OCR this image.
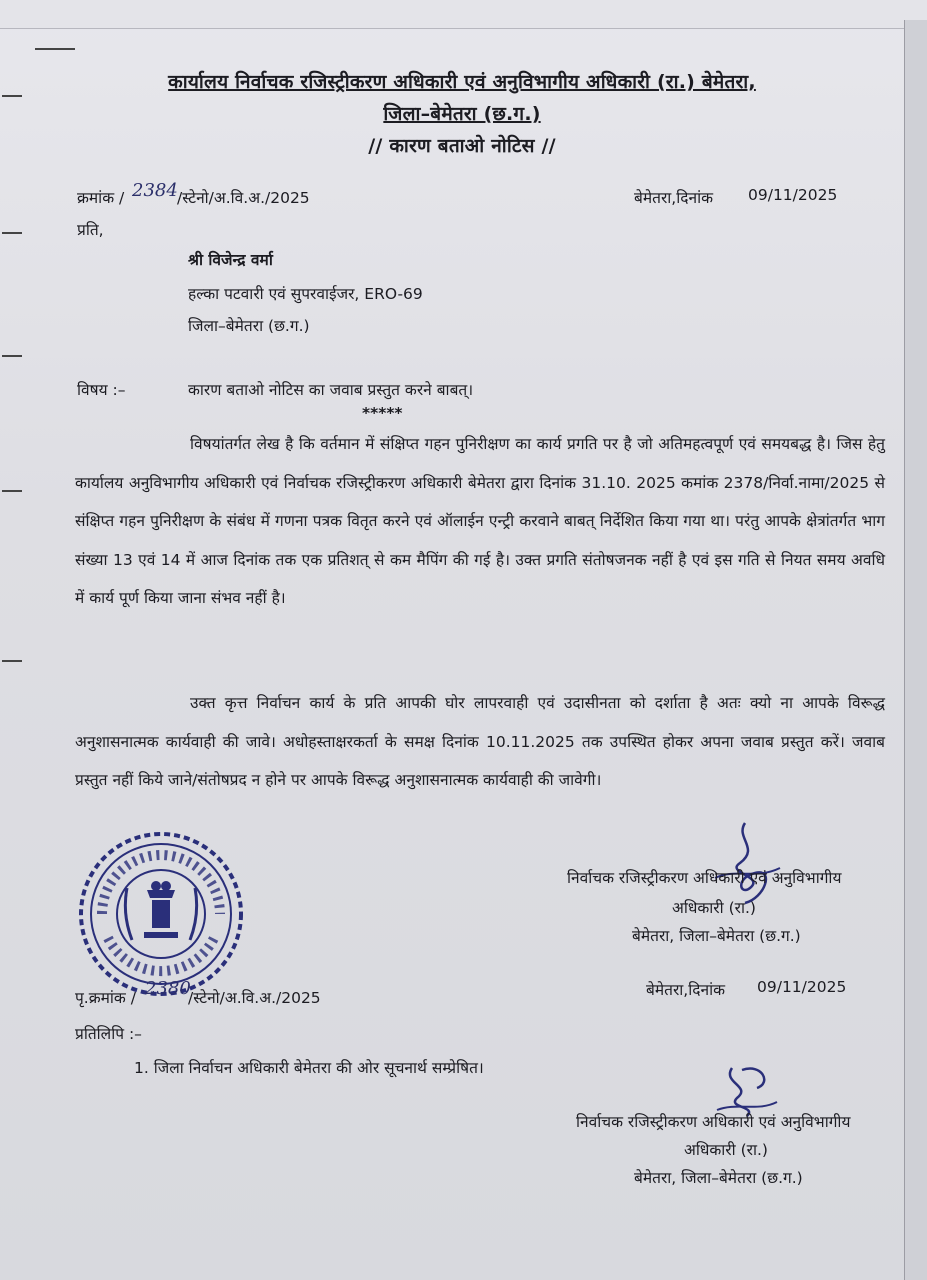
कार्यालय निर्वाचक रजिस्ट्रीकरण अधिकारी एवं अनुविभागीय अधिकारी (रा.) बेमेतरा,
जिला–बेमेतरा (छ.ग.)
// कारण बताओ नोटिस //
क्रमांक / 2384 /स्टेनो/अ.वि.अ./2025	बेमेतरा,दिनांक 09/11/2025
प्रति,
श्री विजेन्द्र वर्मा
हल्का पटवारी एवं सुपरवाईजर, ERO-69
जिला–बेमेतरा (छ.ग.)
विषय :–	कारण बताओ नोटिस का जवाब प्रस्तुत करने बाबत्।
*****
विषयांतर्गत लेख है कि वर्तमान में संक्षिप्त गहन पुनिरीक्षण का कार्य प्रगति पर है जो अतिमहत्वपूर्ण एवं समयबद्ध है। जिस हेतु कार्यालय अनुविभागीय अधिकारी एवं निर्वाचक रजिस्ट्रीकरण अधिकारी बेमेतरा द्वारा दिनांक 31.10. 2025 कमांक 2378/निर्वा.नामा/2025 से संक्षिप्त गहन पुनिरीक्षण के संबंध में गणना पत्रक वितृत करने एवं ऑलाईन एन्ट्री करवाने बाबत् निर्देशित किया गया था। परंतु आपके क्षेत्रांतर्गत भाग संख्या 13 एवं 14 में आज दिनांक तक एक प्रतिशत् से कम मैपिंग की गई है। उक्त प्रगति संतोषजनक नहीं है एवं इस गति से नियत समय अवधि में कार्य पूर्ण किया जाना संभव नहीं है।
उक्त कृत्त निर्वाचन कार्य के प्रति आपकी घोर लापरवाही एवं उदासीनता को दर्शाता है अतः क्यो ना आपके विरूद्ध अनुशासनात्मक कार्यवाही की जावे। अधोहस्ताक्षरकर्ता के समक्ष दिनांक 10.11.2025 तक उपस्थित होकर अपना जवाब प्रस्तुत करें। जवाब प्रस्तुत नहीं किये जाने/संतोषप्रद न होने पर आपके विरूद्ध अनुशासनात्मक कार्यवाही की जावेगी।
निर्वाचक रजिस्ट्रीकरण अधिकारी एवं अनुविभागीय
अधिकारी (रा.)
बेमेतरा, जिला–बेमेतरा (छ.ग.)
पृ.क्रमांक / 2380
/स्टेनो/अ.वि.अ./2025	बेमेतरा,दिनांक 09/11/2025
प्रतिलिपि :–
1. जिला निर्वाचन अधिकारी बेमेतरा की ओर सूचनार्थ सम्प्रेषित।
निर्वाचक रजिस्ट्रीकरण अधिकारी एवं अनुविभागीय
अधिकारी (रा.)
बेमेतरा, जिला–बेमेतरा (छ.ग.)
